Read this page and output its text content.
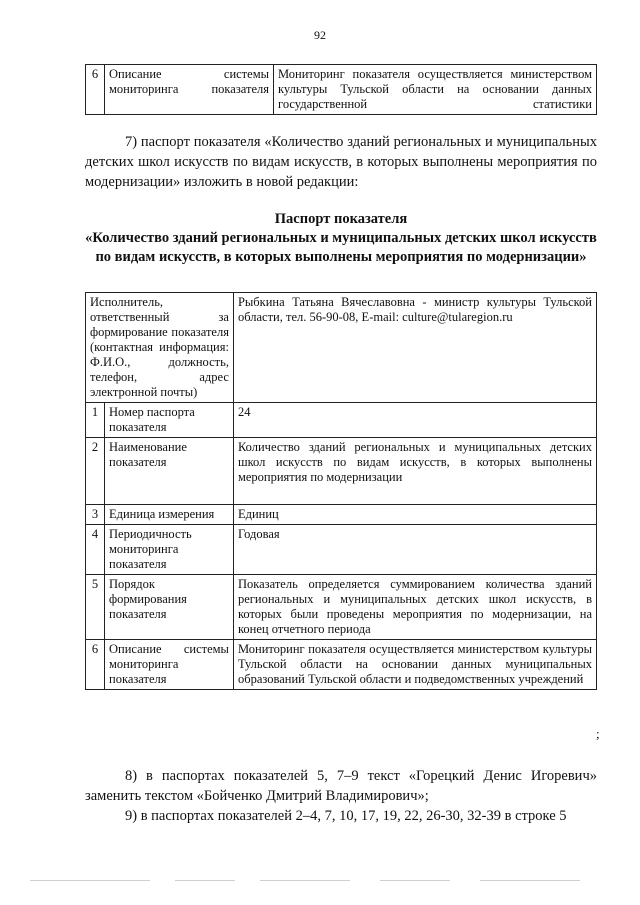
92
6	Описание системы мониторинга показателя	Мониторинг показателя осуществляется министерством культуры Тульской области на основании данных государственной статистики
7) паспорт показателя «Количество зданий региональных и муниципальных детских школ искусств по видам искусств, в которых выполнены мероприятия по модернизации» изложить в новой редакции:
Паспорт показателя
«Количество зданий региональных и муниципальных детских школ искусств по видам искусств, в которых выполнены мероприятия по модернизации»
Исполнитель, ответственный за формирование показателя (контактная информация: Ф.И.О., должность, телефон, адрес электронной почты)		Рыбкина Татьяна Вячеславовна - министр культуры Тульской области, тел. 56-90-08, E-mail: culture@tularegion.ru
1	Номер паспорта показателя	24
2	Наименование показателя	Количество зданий региональных и муниципальных детских школ искусств по видам искусств, в которых выполнены мероприятия по модернизации
3	Единица измерения	Единиц
4	Периодичность мониторинга показателя	Годовая
5	Порядок формирования показателя	Показатель определяется суммированием количества зданий региональных и муниципальных детских школ искусств, в которых были проведены мероприятия по модернизации, на конец отчетного периода
6	Описание системы мониторинга показателя	Мониторинг показателя осуществляется министерством культуры Тульской области на основании данных муниципальных образований Тульской области и подведомственных учреждений
;
8) в паспортах показателей 5, 7–9 текст «Горецкий Денис Игоревич» заменить текстом «Бойченко Дмитрий Владимирович»;
9) в паспортах показателей 2–4, 7, 10, 17, 19, 22, 26-30, 32-39 в строке 5
